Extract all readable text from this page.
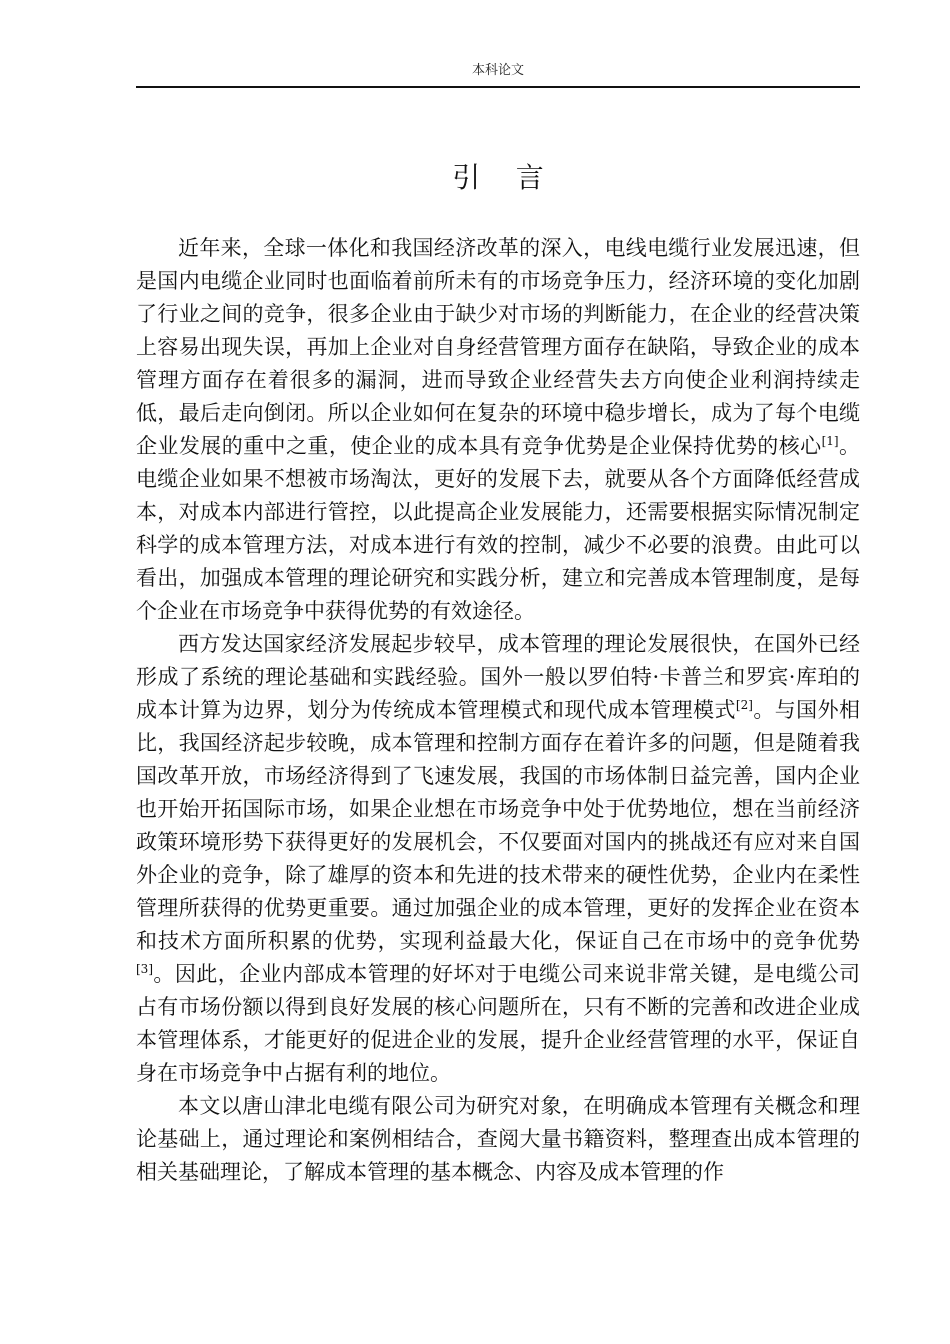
本科论文
引    言

近年来，全球一体化和我国经济改革的深入，电线电缆行业发展迅速，但是国内电缆企业同时也面临着前所未有的市场竞争压力，经济环境的变化加剧了行业之间的竞争，很多企业由于缺少对市场的判断能力，在企业的经营决策上容易出现失误，再加上企业对自身经营管理方面存在缺陷，导致企业的成本管理方面存在着很多的漏洞，进而导致企业经营失去方向使企业利润持续走低，最后走向倒闭。所以企业如何在复杂的环境中稳步增长，成为了每个电缆企业发展的重中之重，使企业的成本具有竞争优势是企业保持优势的核心[1]。电缆企业如果不想被市场淘汰，更好的发展下去，就要从各个方面降低经营成本，对成本内部进行管控，以此提高企业发展能力，还需要根据实际情况制定科学的成本管理方法，对成本进行有效的控制，减少不必要的浪费。由此可以看出，加强成本管理的理论研究和实践分析，建立和完善成本管理制度，是每个企业在市场竞争中获得优势的有效途径。

西方发达国家经济发展起步较早，成本管理的理论发展很快，在国外已经形成了系统的理论基础和实践经验。国外一般以罗伯特·卡普兰和罗宾·库珀的成本计算为边界，划分为传统成本管理模式和现代成本管理模式[2]。与国外相比，我国经济起步较晚，成本管理和控制方面存在着许多的问题，但是随着我国改革开放，市场经济得到了飞速发展，我国的市场体制日益完善，国内企业也开始开拓国际市场，如果企业想在市场竞争中处于优势地位，想在当前经济政策环境形势下获得更好的发展机会，不仅要面对国内的挑战还有应对来自国外企业的竞争，除了雄厚的资本和先进的技术带来的硬性优势，企业内在柔性管理所获得的优势更重要。通过加强企业的成本管理，更好的发挥企业在资本和技术方面所积累的优势，实现利益最大化，保证自己在市场中的竞争优势[3]。因此，企业内部成本管理的好坏对于电缆公司来说非常关键，是电缆公司占有市场份额以得到良好发展的核心问题所在，只有不断的完善和改进企业成本管理体系，才能更好的促进企业的发展，提升企业经营管理的水平，保证自身在市场竞争中占据有利的地位。

本文以唐山津北电缆有限公司为研究对象，在明确成本管理有关概念和理论基础上，通过理论和案例相结合，查阅大量书籍资料，整理查出成本管理的相关基础理论，了解成本管理的基本概念、内容及成本管理的作
